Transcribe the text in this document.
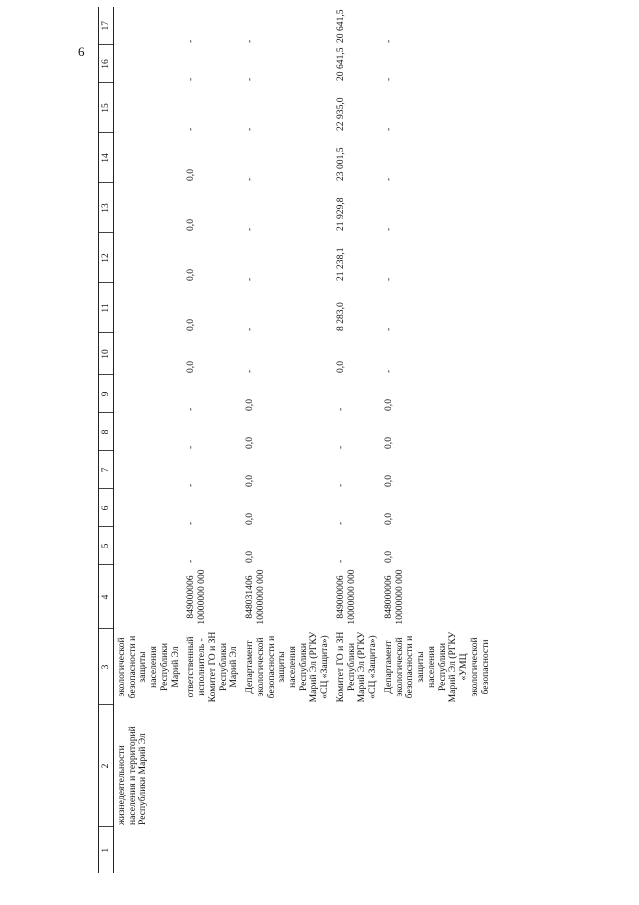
6
1	2	3	4	5	6	7	8	9	10	11	12	13	14	15	16	17
	жизнедеятельности населения и территорий Республики Марий Эл	экологической безопасности и защиты населения Республики Марий Эл														
		ответственный исполнитель - Комитет ГО и ЗН Республики Марий Эл	849000006 10000000 000	-	-	-	-	-	0,0	0,0	0,0	0,0	0,0	-	-	-
		Департамент экологической безопасности и защиты населения Республики Марий Эл (РГКУ «СЦ «Защита»)	848031406 10000000 000	0,0	0,0	0,0	0,0	0,0	-	-	-	-	-	-	-	-
		Комитет ГО и ЗН Республики Марий Эл (РГКУ «СЦ «Защита»)	849000006 10000000 000	-	-	-	-	-	0,0	8 283,0	21 238,1	21 929,8	23 001,5	22 935,0	20 641,5	20 641,5
		Департамент экологической безопасности и защиты населения Республики Марий Эл (РГКУ «УМЦ экологической безопасности	848000006 10000000 000	0,0	0,0	0,0	0,0	0,0	-	-	-	-	-	-	-	-
